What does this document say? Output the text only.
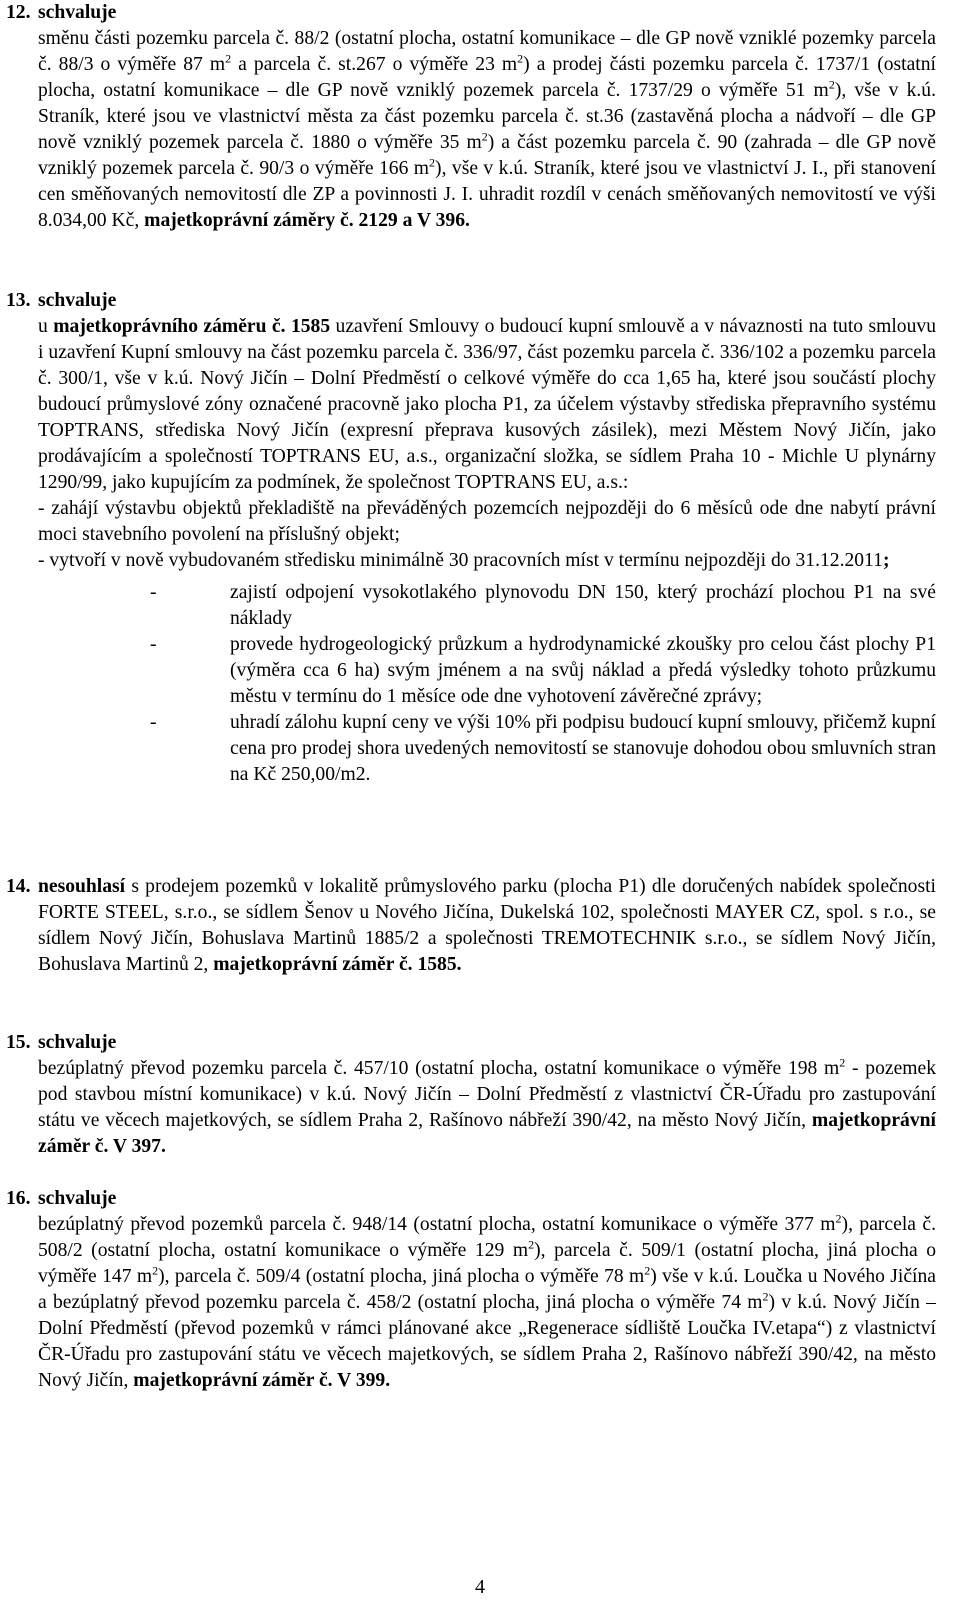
12. schvaluje

směnu části pozemku parcela č. 88/2 (ostatní plocha, ostatní komunikace – dle GP nově vzniklé pozemky parcela č. 88/3 o výměře 87 $m^2$ a parcela č. st.267 o výměře 23 $m^2$) a prodej části pozemku parcela č. 1737/1 (ostatní plocha, ostatní komunikace – dle GP nově vzniklý pozemek parcela č. 1737/29 o výměře 51 $m^2$), vše v k.ú. Straník, které jsou ve vlastnictví města za část pozemku parcela č. st.36 (zastavěná plocha a nádvoří – dle GP nově vzniklý pozemek parcela č. 1880 o výměře 35 $m^2$) a část pozemku parcela č. 90 (zahrada – dle GP nově vzniklý pozemek parcela č. 90/3 o výměře 166 $m^2$), vše v k.ú. Straník, které jsou ve vlastnictví J. I., při stanovení cen směňovaných nemovitostí dle ZP a povinnosti J. I. uhradit rozdíl v cenách směňovaných nemovitostí ve výši 8.034,00 Kč, majetkoprávní záměry č. 2129 a V 396.

13. schvaluje

u majetkoprávního záměru č. 1585 uzavření Smlouvy o budoucí kupní smlouvě a v návaznosti na tuto smlouvu i uzavření Kupní smlouvy na část pozemku parcela č. 336/97, část pozemku parcela č. 336/102 a pozemku parcela č. 300/1, vše v k.ú. Nový Jičín – Dolní Předměstí o celkové výměře do cca 1,65 ha, které jsou součástí plochy budoucí průmyslové zóny označené pracovně jako plocha P1, za účelem výstavby střediska přepravního systému TOPTRANS, střediska Nový Jičín (expresní přeprava kusových zásilek), mezi Městem Nový Jičín, jako prodávajícím a společností TOPTRANS EU, a.s., organizační složka, se sídlem Praha 10 - Michle U plynárny 1290/99, jako kupujícím za podmínek, že společnost TOPTRANS EU, a.s.:

- zahájí výstavbu objektů překladiště na převáděných pozemcích nejpozději do 6 měsíců ode dne nabytí právní moci stavebního povolení na příslušný objekt;

- vytvoří v nově vybudovaném středisku minimálně 30 pracovních míst v termínu nejpozději do 31.12.2011;

-	zajistí odpojení vysokotlakého plynovodu DN 150, který prochází plochou P1 na své náklady
-	provede hydrogeologický průzkum a hydrodynamické zkoušky pro celou část plochy P1 (výměra cca 6 ha) svým jménem a na svůj náklad a předá výsledky tohoto průzkumu městu v termínu do 1 měsíce ode dne vyhotovení závěrečné zprávy;
-	uhradí zálohu kupní ceny ve výši 10% při podpisu budoucí kupní smlouvy, přičemž kupní cena pro prodej shora uvedených nemovitostí se stanovuje dohodou obou smluvních stran na Kč 250,00/m2.
14. nesouhlasí s prodejem pozemků v lokalitě průmyslového parku (plocha P1) dle doručených nabídek společnosti FORTE STEEL, s.r.o., se sídlem Šenov u Nového Jičína, Dukelská 102, společnosti MAYER CZ, spol. s r.o., se sídlem Nový Jičín, Bohuslava Martinů 1885/2 a společnosti TREMOTECHNIK s.r.o., se sídlem Nový Jičín, Bohuslava Martinů 2, majetkoprávní záměr č. 1585.

15. schvaluje

bezúplatný převod pozemku parcela č. 457/10 (ostatní plocha, ostatní komunikace o výměře 198 $m^2$ - pozemek pod stavbou místní komunikace) v k.ú. Nový Jičín – Dolní Předměstí z vlastnictví ČR-Úřadu pro zastupování státu ve věcech majetkových, se sídlem Praha 2, Rašínovo nábřeží 390/42, na město Nový Jičín, majetkoprávní záměr č. V 397.

16. schvaluje

bezúplatný převod pozemků parcela č. 948/14 (ostatní plocha, ostatní komunikace o výměře 377 $m^2$), parcela č. 508/2 (ostatní plocha, ostatní komunikace o výměře 129 $m^2$), parcela č. 509/1 (ostatní plocha, jiná plocha o výměře 147 $m^2$), parcela č. 509/4 (ostatní plocha, jiná plocha o výměře 78 $m^2$) vše v k.ú. Loučka u Nového Jičína a bezúplatný převod pozemku parcela č. 458/2 (ostatní plocha, jiná plocha o výměře 74 $m^2$) v k.ú. Nový Jičín – Dolní Předměstí (převod pozemků v rámci plánované akce „Regenerace sídliště Loučka IV.etapa“) z vlastnictví ČR-Úřadu pro zastupování státu ve věcech majetkových, se sídlem Praha 2, Rašínovo nábřeží 390/42, na město Nový Jičín, majetkoprávní záměr č. V 399.

4
